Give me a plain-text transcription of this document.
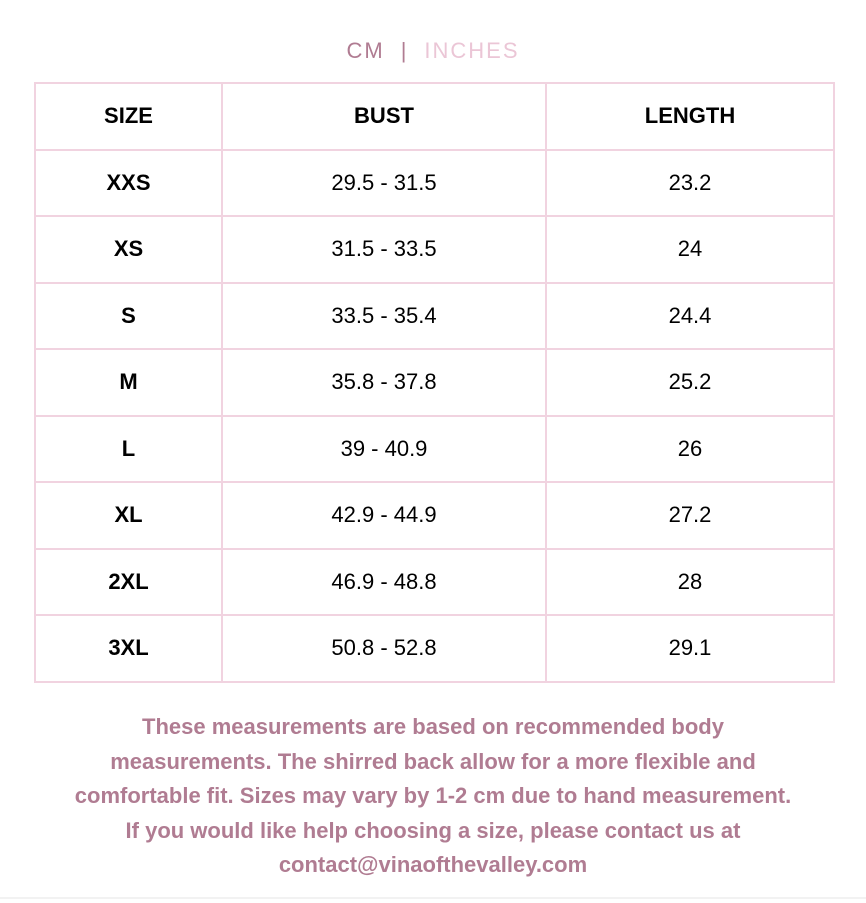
CM | INCHES
SIZE	BUST	LENGTH
XXS	29.5 - 31.5	23.2
XS	31.5 - 33.5	24
S	33.5 - 35.4	24.4
M	35.8 - 37.8	25.2
L	39 - 40.9	26
XL	42.9 - 44.9	27.2
2XL	46.9 - 48.8	28
3XL	50.8 - 52.8	29.1
These measurements are based on recommended body
measurements. The shirred back allow for a more flexible and
comfortable fit. Sizes may vary by 1-2 cm due to hand measurement.
If you would like help choosing a size, please contact us at
contact@vinaofthevalley.com
